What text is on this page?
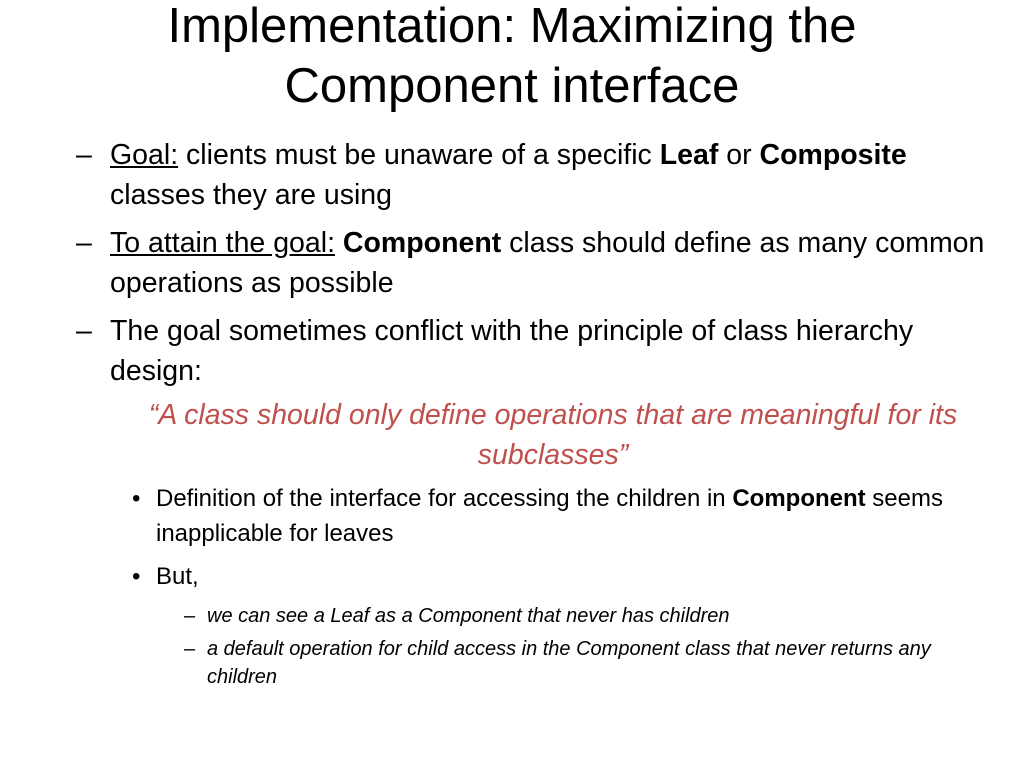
Implementation: Maximizing the Component interface
– Goal: clients must be unaware of a specific Leaf or Composite classes they are using
– To attain the goal: Component class should define as many common operations as possible
– The goal sometimes conflict with the principle of class hierarchy design:
“A class should only define operations that are meaningful for its subclasses”
• Definition of the interface for accessing the children in Component seems inapplicable for leaves
• But,
– we can see a Leaf as a Component that never has children
– a default operation for child access in the Component class that never returns any children
